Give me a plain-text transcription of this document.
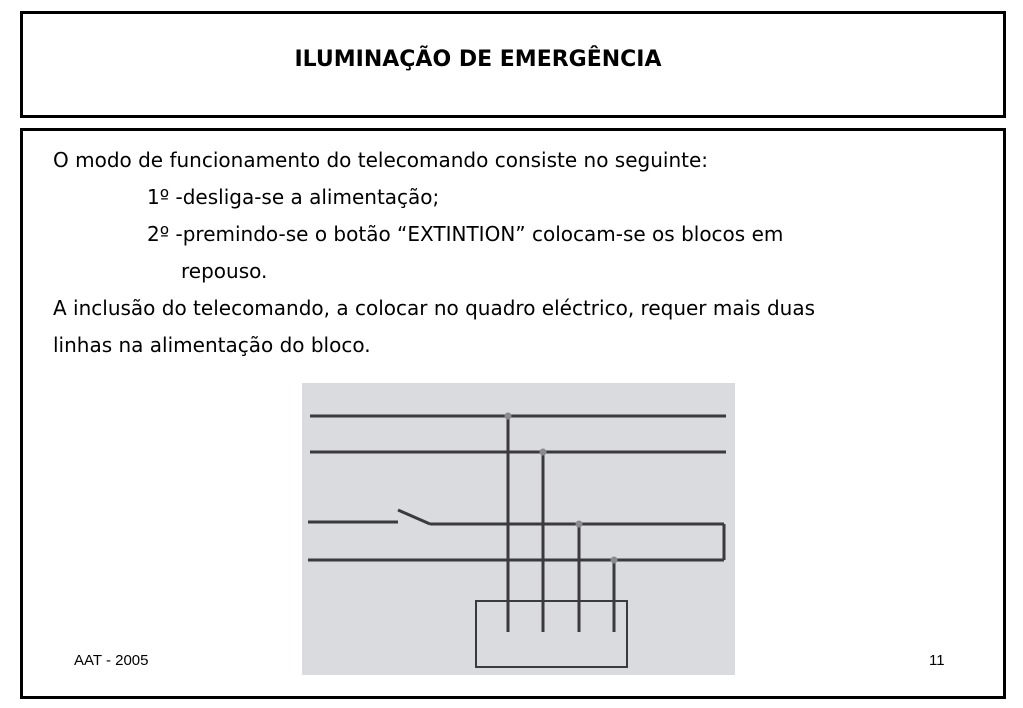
ILUMINAÇÃO DE EMERGÊNCIA
O modo de funcionamento do telecomando consiste no seguinte:
1º -desliga-se a alimentação;
2º -premindo-se o botão “EXTINTION” colocam-se os blocos em
repouso.
A inclusão do telecomando, a colocar no quadro eléctrico, requer mais duas
linhas na alimentação do bloco.
AAT - 2005	11
